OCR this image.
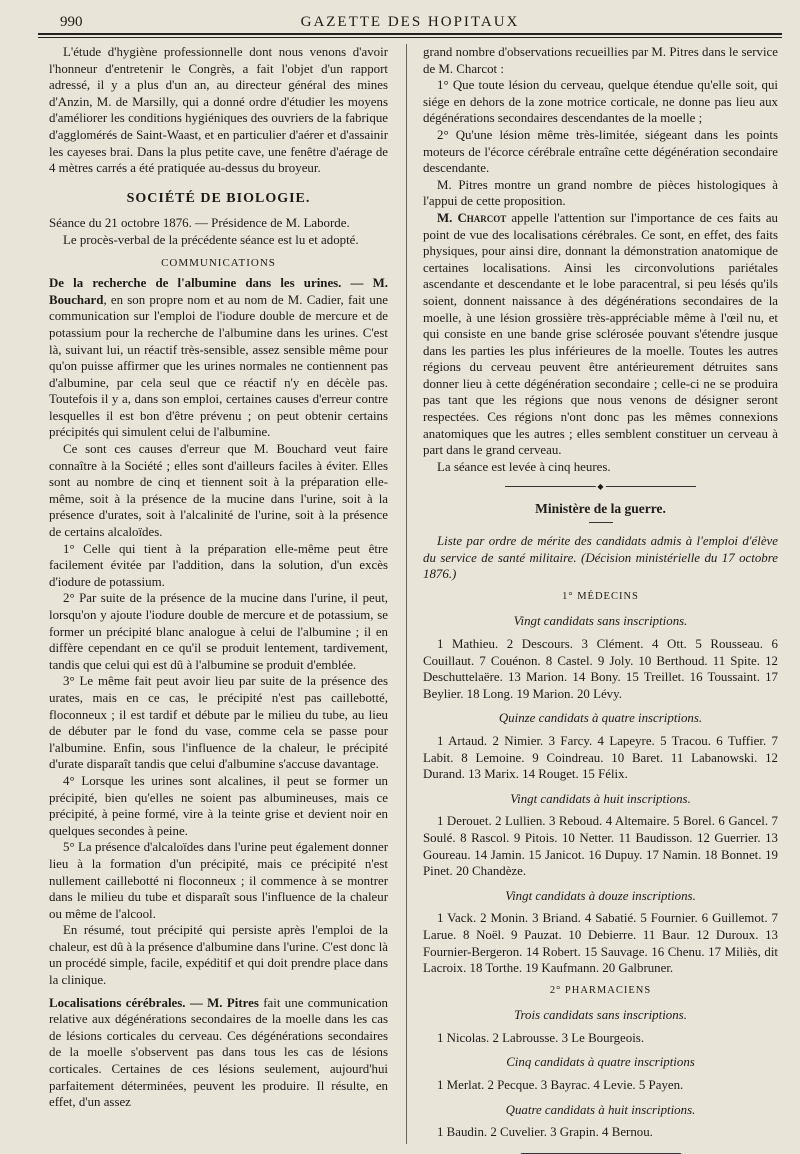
990	GAZETTE DES HOPITAUX

L'étude d'hygiène professionnelle dont nous venons d'avoir l'honneur d'entretenir le Congrès, a fait l'objet d'un rapport adressé, il y a plus d'un an, au directeur général des mines d'Anzin, M. de Marsilly, qui a donné ordre d'étudier les moyens d'améliorer les conditions hygiéniques des ouvriers de la fabrique d'agglomérés de Saint-Waast, et en particulier d'aérer et d'assainir les cayeses brai. Dans la plus petite cave, une fenêtre d'aérage de 4 mètres carrés a été pratiquée au-dessus du broyeur.

SOCIÉTÉ DE BIOLOGIE.

Séance du 21 octobre 1876. — Présidence de M. Laborde.

Le procès-verbal de la précédente séance est lu et adopté.

COMMUNICATIONS

De la recherche de l'albumine dans les urines. — M. Bouchard, en son propre nom et au nom de M. Cadier, fait une communication sur l'emploi de l'iodure double de mercure et de potassium pour la recherche de l'albumine dans les urines. C'est là, suivant lui, un réactif très-sensible, assez sensible même pour qu'on puisse affirmer que les urines normales ne contiennent pas d'albumine, par cela seul que ce réactif n'y en décèle pas. Toutefois il y a, dans son emploi, certaines causes d'erreur contre lesquelles il est bon d'être prévenu ; on peut obtenir certains précipités qui simulent celui de l'albumine.

Ce sont ces causes d'erreur que M. Bouchard veut faire connaître à la Société ; elles sont d'ailleurs faciles à éviter. Elles sont au nombre de cinq et tiennent soit à la préparation elle-même, soit à la présence de la mucine dans l'urine, soit à la présence d'urates, soit à l'alcalinité de l'urine, soit à la présence de certains alcaloïdes.

1° Celle qui tient à la préparation elle-même peut être facilement évitée par l'addition, dans la solution, d'un excès d'iodure de potassium.

2° Par suite de la présence de la mucine dans l'urine, il peut, lorsqu'on y ajoute l'iodure double de mercure et de potassium, se former un précipité blanc analogue à celui de l'albumine ; il en diffère cependant en ce qu'il se produit lentement, tardivement, tandis que celui qui est dû à l'albumine se produit d'emblée.

3° Le même fait peut avoir lieu par suite de la présence des urates, mais en ce cas, le précipité n'est pas caillebotté, floconneux ; il est tardif et débute par le milieu du tube, au lieu de débuter par le fond du vase, comme cela se passe pour l'albumine. Enfin, sous l'influence de la chaleur, le précipité d'urate disparaît tandis que celui d'albumine s'accuse davantage.

4° Lorsque les urines sont alcalines, il peut se former un précipité, bien qu'elles ne soient pas albumineuses, mais ce précipité, à peine formé, vire à la teinte grise et devient noir en quelques secondes à peine.

5° La présence d'alcaloïdes dans l'urine peut également donner lieu à la formation d'un précipité, mais ce précipité n'est nullement caillebotté ni floconneux ; il commence à se montrer dans le milieu du tube et disparaît sous l'influence de la chaleur ou même de l'alcool.

En résumé, tout précipité qui persiste après l'emploi de la chaleur, est dû à la présence d'albumine dans l'urine. C'est donc là un procédé simple, facile, expéditif et qui doit prendre place dans la clinique.

Localisations cérébrales. — M. Pitres fait une communication relative aux dégénérations secondaires de la moelle dans les cas de lésions corticales du cerveau. Ces dégénérations secondaires de la moelle s'observent pas dans tous les cas de lésions corticales. Certaines de ces lésions seulement, aujourd'hui parfaitement déterminées, peuvent les produire. Il résulte, en effet, d'un assez

grand nombre d'observations recueillies par M. Pitres dans le service de M. Charcot :

1° Que toute lésion du cerveau, quelque étendue qu'elle soit, qui siége en dehors de la zone motrice corticale, ne donne pas lieu aux dégénérations secondaires descendantes de la moelle ;

2° Qu'une lésion même très-limitée, siégeant dans les points moteurs de l'écorce cérébrale entraîne cette dégénération secondaire descendante.

M. Pitres montre un grand nombre de pièces histologiques à l'appui de cette proposition.

M. Charcot appelle l'attention sur l'importance de ces faits au point de vue des localisations cérébrales. Ce sont, en effet, des faits physiques, pour ainsi dire, donnant la démonstration anatomique de certaines localisations. Ainsi les circonvolutions pariétales ascendante et descendante et le lobe paracentral, si peu lésés qu'ils soient, donnent naissance à des dégénérations secondaires de la moelle, à une lésion grossière très-appréciable même à l'œil nu, et qui consiste en une bande grise sclérosée pouvant s'étendre jusque dans les parties les plus inférieures de la moelle. Toutes les autres régions du cerveau peuvent être antérieurement détruites sans donner lieu à cette dégénération secondaire ; celle-ci ne se produira pas tant que les régions que nous venons de désigner seront respectées. Ces régions n'ont donc pas les mêmes connexions anatomiques que les autres ; elles semblent constituer un cerveau à part dans le grand cerveau.

La séance est levée à cinq heures.

◆
Ministère de la guerre.

Liste par ordre de mérite des candidats admis à l'emploi d'élève du service de santé militaire. (Décision ministérielle du 17 octobre 1876.)

1° MÉDECINS

Vingt candidats sans inscriptions.

1 Mathieu. 2 Descours. 3 Clément. 4 Ott. 5 Rousseau. 6 Couillaut. 7 Couénon. 8 Castel. 9 Joly. 10 Berthoud. 11 Spite. 12 Deschuttelaëre. 13 Marion. 14 Bony. 15 Treillet. 16 Toussaint. 17 Beylier. 18 Long. 19 Marion. 20 Lévy.

Quinze candidats à quatre inscriptions.

1 Artaud. 2 Nimier. 3 Farcy. 4 Lapeyre. 5 Tracou. 6 Tuffier. 7 Labit. 8 Lemoine. 9 Coindreau. 10 Baret. 11 Labanowski. 12 Durand. 13 Marix. 14 Rouget. 15 Félix.

Vingt candidats à huit inscriptions.

1 Derouet. 2 Lullien. 3 Reboud. 4 Altemaire. 5 Borel. 6 Gancel. 7 Soulé. 8 Rascol. 9 Pitois. 10 Netter. 11 Baudisson. 12 Guerrier. 13 Goureau. 14 Jamin. 15 Janicot. 16 Dupuy. 17 Namin. 18 Bonnet. 19 Pinet. 20 Chandèze.

Vingt candidats à douze inscriptions.

1 Vack. 2 Monin. 3 Briand. 4 Sabatié. 5 Fournier. 6 Guillemot. 7 Larue. 8 Noël. 9 Pauzat. 10 Debierre. 11 Baur. 12 Duroux. 13 Fournier-Bergeron. 14 Robert. 15 Sauvage. 16 Chenu. 17 Miliès, dit Lacroix. 18 Torthe. 19 Kaufmann. 20 Galbruner.

2° PHARMACIENS

Trois candidats sans inscriptions.

1 Nicolas. 2 Labrousse. 3 Le Bourgeois.

Cinq candidats à quatre inscriptions

1 Merlat. 2 Pecque. 3 Bayrac. 4 Levie. 5 Payen.

Quatre candidats à huit inscriptions.

1 Baudin. 2 Cuvelier. 3 Grapin. 4 Bernou.
